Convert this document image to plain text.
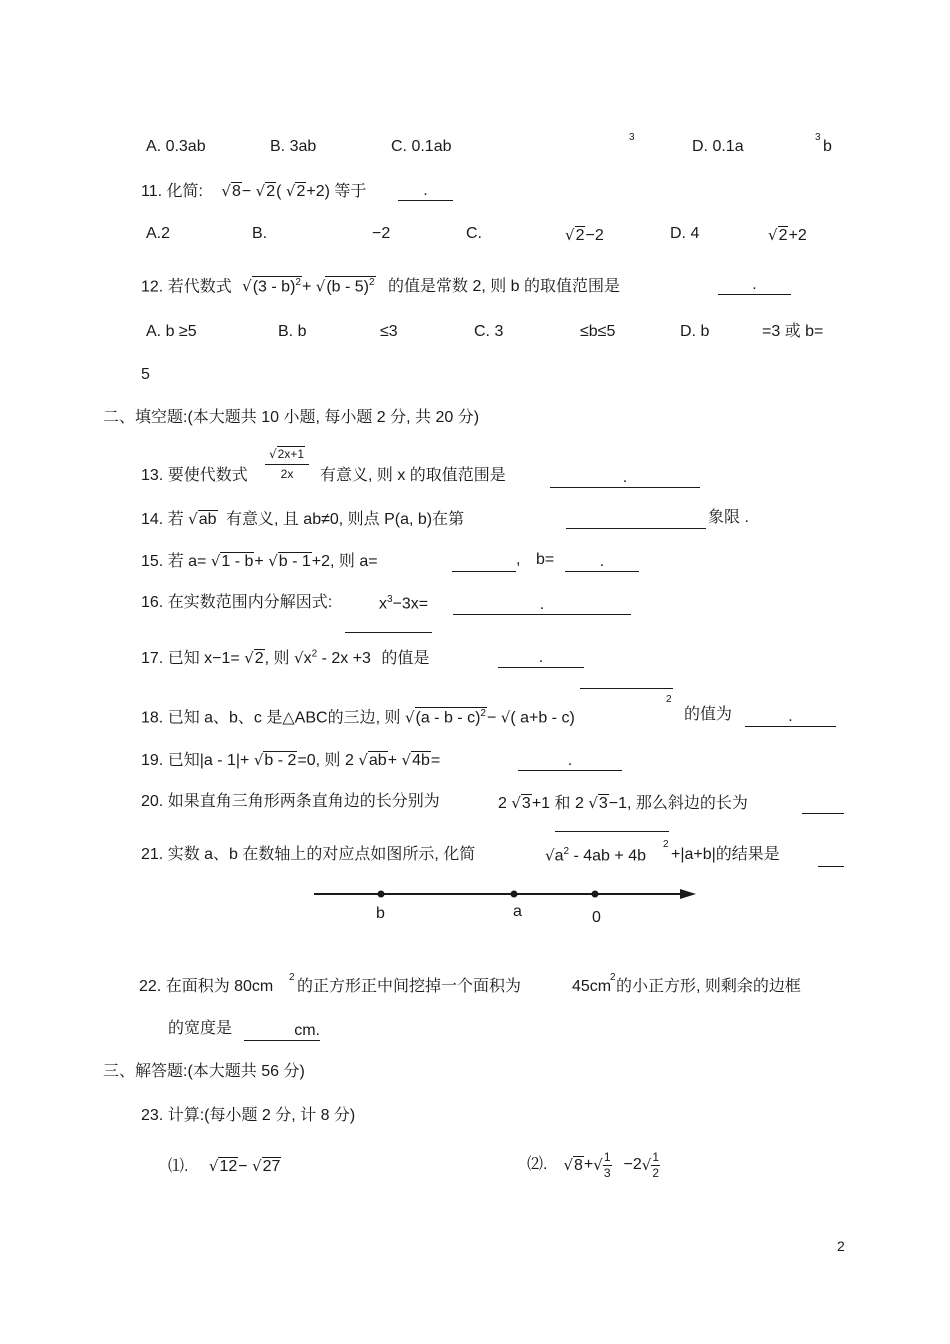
A. 0.3ab	B. 3ab	C. 0.1ab
3
D. 0.1a
3
b
11. 化简: √8− √2( √2+2) 等于	.
A.2	B.	−2	C.	√2−2	D. 4	√2+2
12. 若代数式 √(3 - b)$^2$+ √(b - 5)$^2$ 的值是常数 2, 则 b 的取值范围是	.
A. b ≥5	B. b	≤3	C. 3	≤b≤5	D. b	=3 或 b=
5
二、填空题:(本大题共 10 小题, 每小题 2 分, 共 20 分)
13. 要使代数式 $\frac{√2x+1}{2x}$ 有意义, 则 x 的取值范围是	.
14. 若 √ab 有意义, 且 ab≠0, 则点 P(a, b)在第	象限 .
15. 若 a= √1 - b+ √b - 1+2, 则 a=	, b=	.
16. 在实数范围内分解因式:	$x^3-3x=$	.
17. 已知 x−1= √2, 则 $√x^2 - 2x +3$ 的值是	.
18. 已知 a、b、c 是△ABC的三边, 则 √(a - b - c)$^2$− √( a+b - c)
2
的值为	.
19. 已知|a - 1|+ √b - 2=0, 则 2 √ab+ √4b=	.
20. 如果直角三角形两条直角边的长分别为	2 √3+1 和 2 √3−1, 那么斜边的长为
21. 实数 a、b 在数轴上的对应点如图所示, 化简	$√a^2 - 4ab + 4b$
2
+|a+b|的结果是
b	a	0
22. 在面积为 80cm
2
的正方形正中间挖掉一个面积为	45cm
2
的小正方形, 则剩余的边框
的宽度是	cm.
三、解答题:(本大题共 56 分)
23. 计算:(每小题 2 分, 计 8 分)
⑴. √12− √27	⑵. √ 8 + √ $\frac{1}{3} -2$ √ $\frac{1}{2}$
2
